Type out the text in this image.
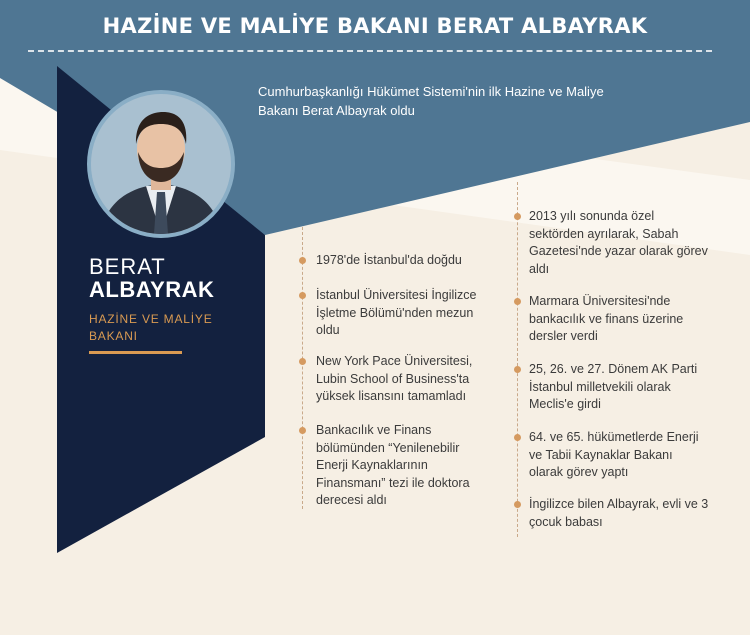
HAZİNE VE MALİYE BAKANI BERAT ALBAYRAK
Cumhurbaşkanlığı Hükümet Sistemi'nin ilk Hazine ve Maliye Bakanı Berat Albayrak oldu
BERAT
ALBAYRAK
HAZİNE VE MALİYE BAKANI
1978'de İstanbul'da doğdu
İstanbul Üniversitesi İngilizce İşletme Bölümü'nden mezun oldu
New York Pace Üniversitesi, Lubin School of Business'ta yüksek lisansını tamamladı
Bankacılık ve Finans bölümünden “Yenilenebilir Enerji Kaynaklarının Finansmanı” tezi ile doktora derecesi aldı
2013 yılı sonunda özel sektörden ayrılarak, Sabah Gazetesi'nde yazar olarak görev aldı
Marmara Üniversitesi'nde bankacılık ve finans üzerine dersler verdi
25, 26. ve 27. Dönem AK Parti İstanbul milletvekili olarak Meclis'e girdi
64. ve 65. hükümetlerde Enerji ve Tabii Kaynaklar Bakanı olarak görev yaptı
İngilizce bilen Albayrak, evli ve 3 çocuk babası
